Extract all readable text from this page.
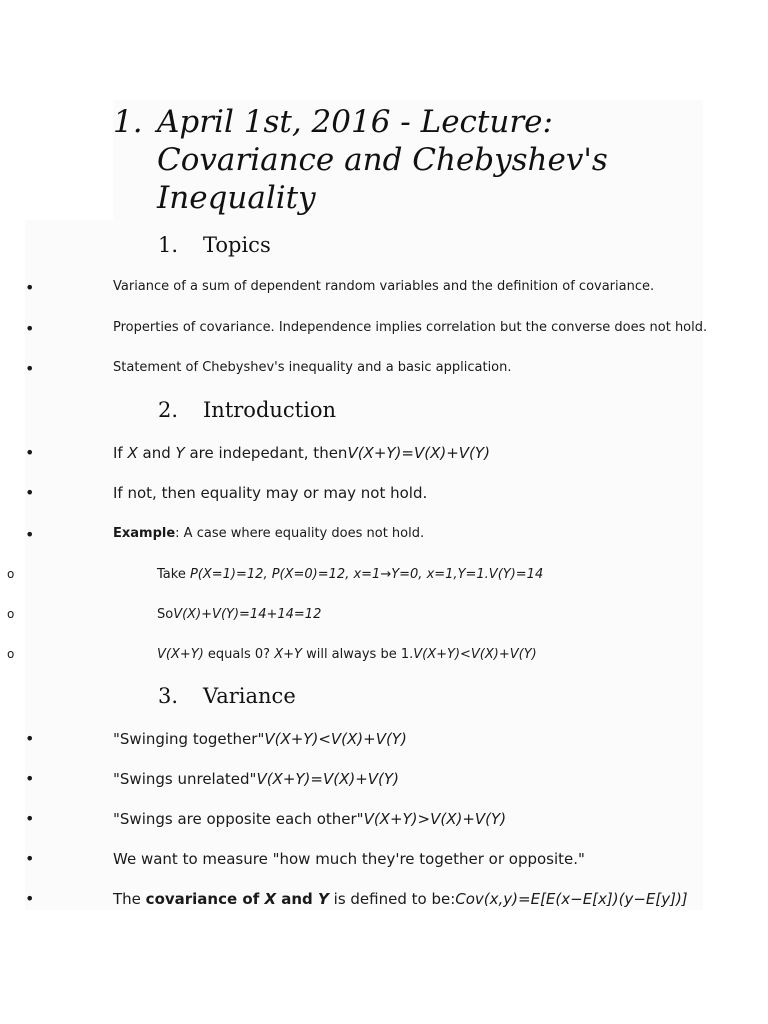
1. April 1st, 2016 - Lecture:
Covariance and Chebyshev's
Inequality
1. Topics
•	Variance of a sum of dependent random variables and the definition of covariance.
•	Properties of covariance. Independence implies correlation but the converse does not hold.
•	Statement of Chebyshev's inequality and a basic application.
2. Introduction
•	If X and Y are indepedant, thenV(X+Y)=V(X)+V(Y)
•	If not, then equality may or may not hold.
•	Example: A case where equality does not hold.
o	Take P(X=1)=12, P(X=0)=12, x=1→Y=0, x=1,Y=1.V(Y)=14
o	SoV(X)+V(Y)=14+14=12
o	V(X+Y) equals 0? X+Y will always be 1.V(X+Y)<V(X)+V(Y)
3. Variance
•	"Swinging together"V(X+Y)<V(X)+V(Y)
•	"Swings unrelated"V(X+Y)=V(X)+V(Y)
•	"Swings are opposite each other"V(X+Y)>V(X)+V(Y)
•	We want to measure "how much they're together or opposite."
•	The covariance of X and Y is defined to be:Cov(x,y)=E[E(x−E[x])(y−E[y])]
